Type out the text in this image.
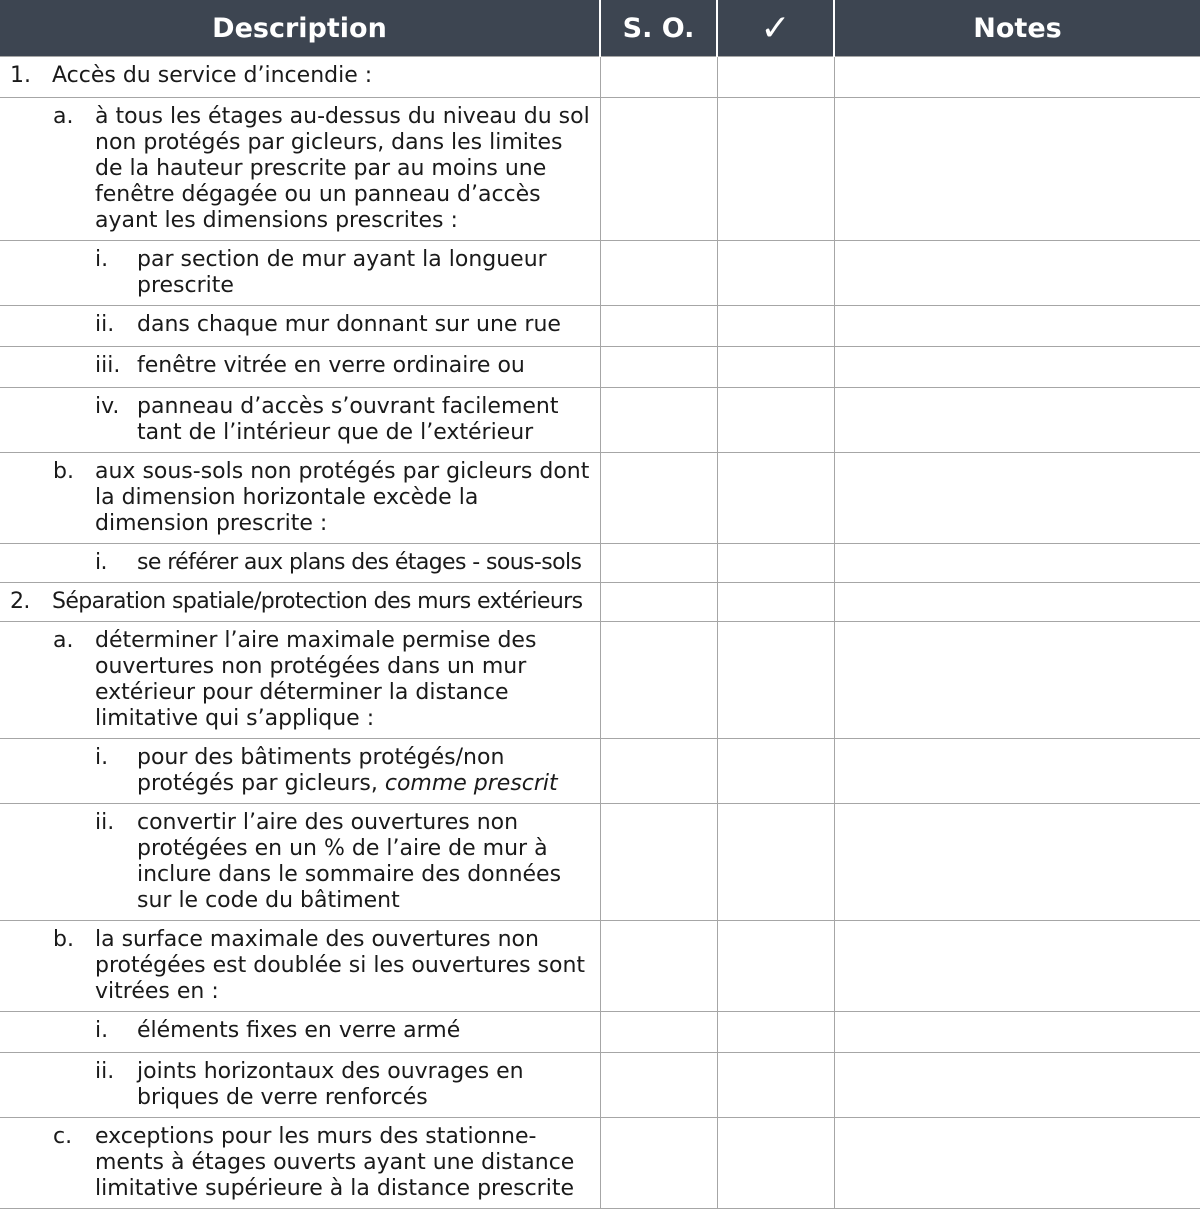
Description	S. O.	✓	Notes

1. Accès du service d’incendie :			

a. à tous les étages au-dessus du niveau du sol non protégés par gicleurs, dans les limites de la hauteur prescrite par au moins une fenêtre dégagée ou un panneau d’accès ayant les dimensions prescrites :			

i. par section de mur ayant la longueur prescrite			

ii. dans chaque mur donnant sur une rue			

iii. fenêtre vitrée en verre ordinaire ou			

iv. panneau d’accès s’ouvrant facilement tant de l’intérieur que de l’extérieur			

b. aux sous-sols non protégés par gicleurs dont la dimension horizontale excède la dimension prescrite :			

i. se référer aux plans des étages - sous-sols			

2. Séparation spatiale/protection des murs extérieurs			

a. déterminer l’aire maximale permise des ouvertures non protégées dans un mur extérieur pour déterminer la distance limitative qui s’applique :			

i. pour des bâtiments protégés/non protégés par gicleurs, comme prescrit			

ii. convertir l’aire des ouvertures non protégées en un % de l’aire de mur à inclure dans le sommaire des données sur le code du bâtiment			

b. la surface maximale des ouvertures non protégées est doublée si les ouvertures sont vitrées en :			

i. éléments fixes en verre armé			

ii. joints horizontaux des ouvrages en briques de verre renforcés			

c. exceptions pour les murs des stationne- ments à étages ouverts ayant une distance limitative supérieure à la distance prescrite			
